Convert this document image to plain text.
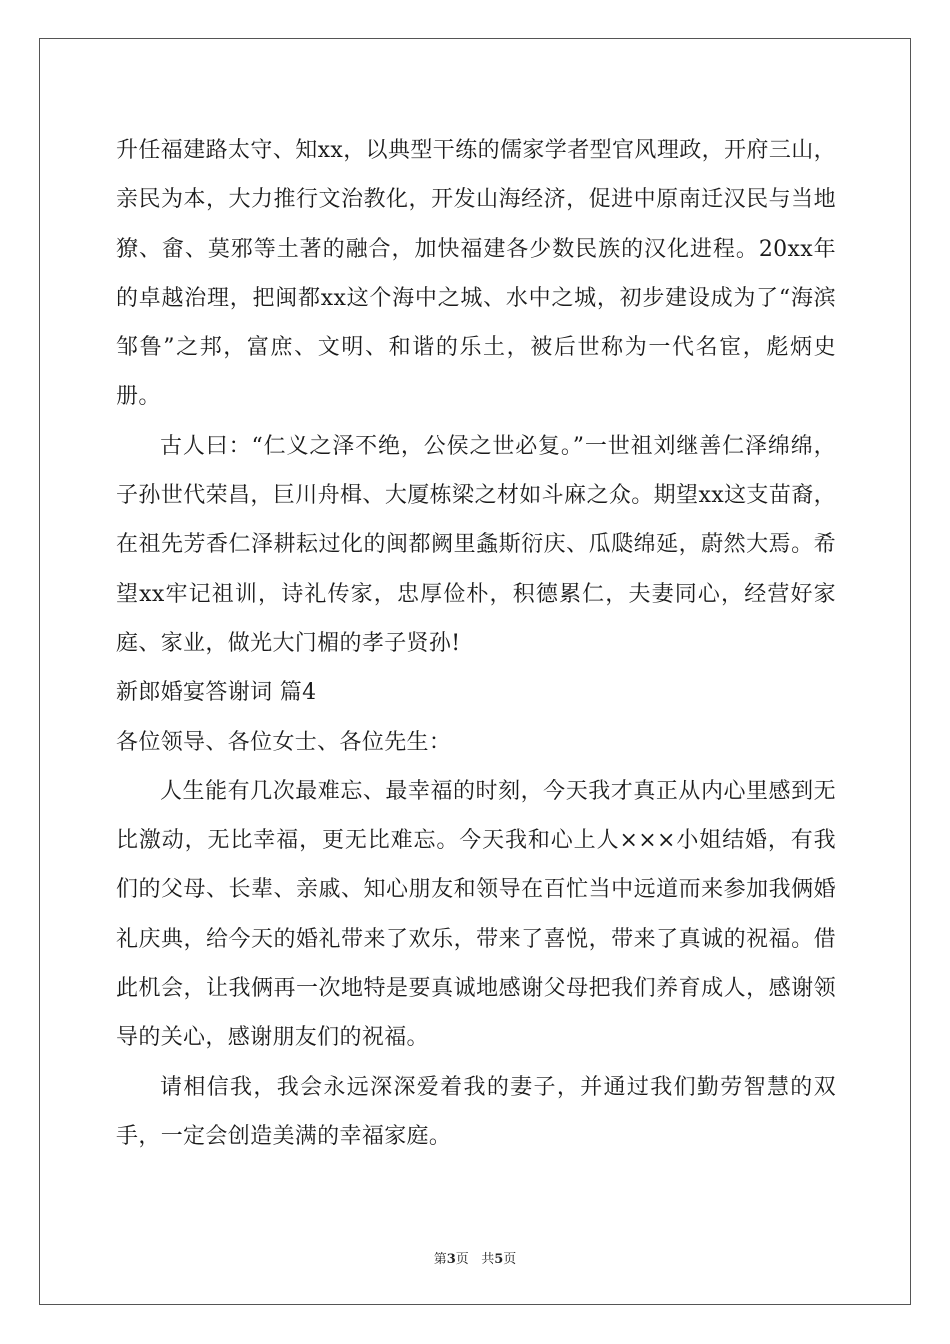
升任福建路太守、知xx，以典型干练的儒家学者型官风理政，开府三山，亲民为本，大力推行文治教化，开发山海经济，促进中原南迁汉民与当地獠、畲、莫邪等土著的融合，加快福建各少数民族的汉化进程。20xx年的卓越治理，把闽都xx这个海中之城、水中之城，初步建设成为了“海滨邹鲁”之邦，富庶、文明、和谐的乐土，被后世称为一代名宦，彪炳史册。

古人曰：“仁义之泽不绝，公侯之世必复。”一世祖刘继善仁泽绵绵，子孙世代荣昌，巨川舟楫、大厦栋梁之材如斗麻之众。期望xx这支苗裔，在祖先芳香仁泽耕耘过化的闽都阙里螽斯衍庆、瓜瓞绵延，蔚然大焉。希望xx牢记祖训，诗礼传家，忠厚俭朴，积德累仁，夫妻同心，经营好家庭、家业，做光大门楣的孝子贤孙!

新郎婚宴答谢词 篇4

各位领导、各位女士、各位先生：

人生能有几次最难忘、最幸福的时刻，今天我才真正从内心里感到无比激动，无比幸福，更无比难忘。今天我和心上人×××小姐结婚，有我们的父母、长辈、亲戚、知心朋友和领导在百忙当中远道而来参加我俩婚礼庆典，给今天的婚礼带来了欢乐，带来了喜悦，带来了真诚的祝福。借此机会，让我俩再一次地特是要真诚地感谢父母把我们养育成人，感谢领导的关心，感谢朋友们的祝福。

请相信我，我会永远深深爱着我的妻子，并通过我们勤劳智慧的双手，一定会创造美满的幸福家庭。

第3页 共5页
